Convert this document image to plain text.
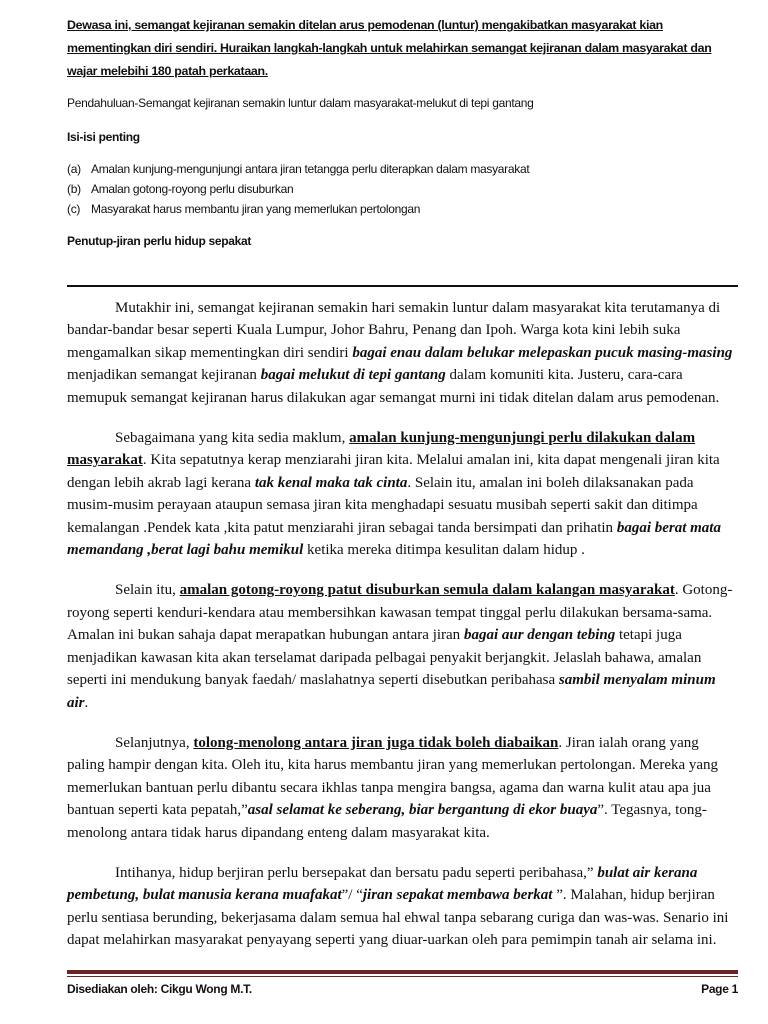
Dewasa ini, semangat kejiranan semakin ditelan arus pemodenan (luntur) mengakibatkan masyarakat kian mementingkan diri sendiri. Huraikan langkah-langkah untuk melahirkan semangat kejiranan dalam masyarakat dan wajar melebihi 180 patah perkataan.
Pendahuluan-Semangat kejiranan semakin luntur dalam masyarakat-melukut di tepi gantang
Isi-isi penting
(a) Amalan kunjung-mengunjungi antara jiran tetangga perlu diterapkan dalam masyarakat
(b) Amalan gotong-royong perlu disuburkan
(c) Masyarakat harus membantu jiran yang memerlukan pertolongan
Penutup-jiran perlu hidup sepakat

Mutakhir ini, semangat kejiranan semakin hari semakin luntur dalam masyarakat kita terutamanya di bandar-bandar besar seperti Kuala Lumpur, Johor Bahru, Penang dan Ipoh. Warga kota kini lebih suka mengamalkan sikap mementingkan diri sendiri bagai enau dalam belukar melepaskan pucuk masing-masing menjadikan semangat kejiranan bagai melukut di tepi gantang dalam komuniti kita. Justeru, cara-cara memupuk semangat kejiranan harus dilakukan agar semangat murni ini tidak ditelan dalam arus pemodenan.

Sebagaimana yang kita sedia maklum, amalan kunjung-mengunjungi perlu dilakukan dalam masyarakat. Kita sepatutnya kerap menziarahi jiran kita. Melalui amalan ini, kita dapat mengenali jiran kita dengan lebih akrab lagi kerana tak kenal maka tak cinta. Selain itu, amalan ini boleh dilaksanakan pada musim-musim perayaan ataupun semasa jiran kita menghadapi sesuatu musibah seperti sakit dan ditimpa kemalangan .Pendek kata ,kita patut menziarahi jiran sebagai tanda bersimpati dan prihatin bagai berat mata memandang ,berat lagi bahu memikul ketika mereka ditimpa kesulitan dalam hidup .

Selain itu, amalan gotong-royong patut disuburkan semula dalam kalangan masyarakat. Gotong-royong seperti kenduri-kendara atau membersihkan kawasan tempat tinggal perlu dilakukan bersama-sama. Amalan ini bukan sahaja dapat merapatkan hubungan antara jiran bagai aur dengan tebing tetapi juga menjadikan kawasan kita akan terselamat daripada pelbagai penyakit berjangkit. Jelaslah bahawa, amalan seperti ini mendukung banyak faedah/ maslahatnya seperti disebutkan peribahasa sambil menyalam minum air.

Selanjutnya, tolong-menolong antara jiran juga tidak boleh diabaikan. Jiran ialah orang yang paling hampir dengan kita. Oleh itu, kita harus membantu jiran yang memerlukan pertolongan. Mereka yang memerlukan bantuan perlu dibantu secara ikhlas tanpa mengira bangsa, agama dan warna kulit atau apa jua bantuan seperti kata pepatah,”asal selamat ke seberang, biar bergantung di ekor buaya”. Tegasnya, tong-menolong antara tidak harus dipandang enteng dalam masyarakat kita.

Intihanya, hidup berjiran perlu bersepakat dan bersatu padu seperti peribahasa,” bulat air kerana pembetung, bulat manusia kerana muafakat”/ “jiran sepakat membawa berkat ”. Malahan, hidup berjiran perlu sentiasa berunding, bekerjasama dalam semua hal ehwal tanpa sebarang curiga dan was-was. Senario ini dapat melahirkan masyarakat penyayang seperti yang diuar-uarkan oleh para pemimpin tanah air selama ini.

Disediakan oleh: Cikgu Wong M.T.	Page 1
